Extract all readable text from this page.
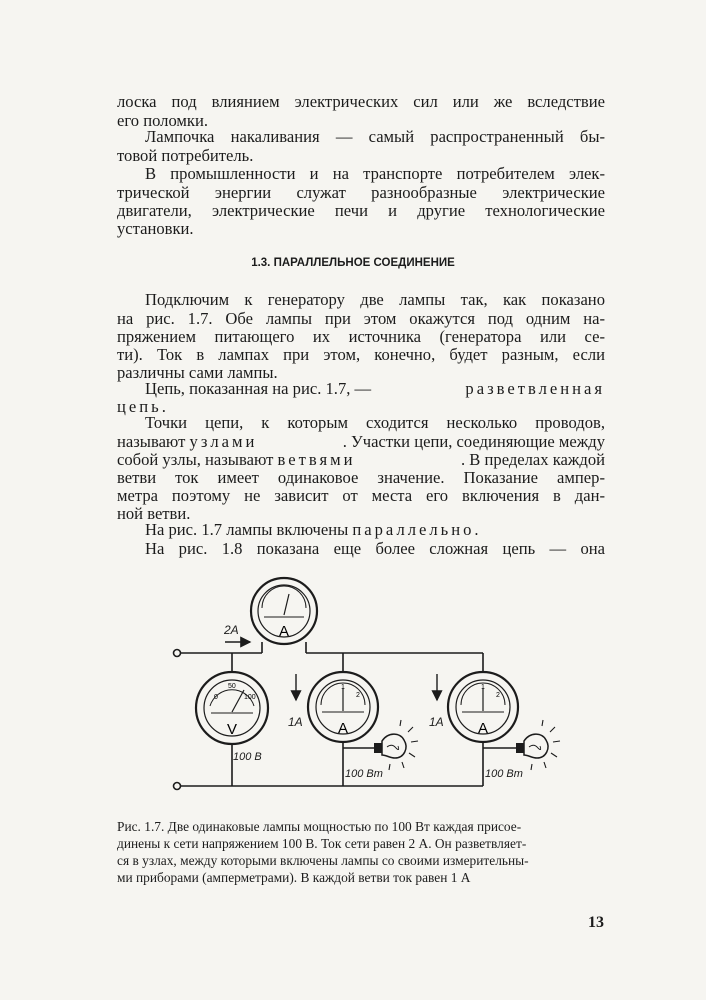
лоска под влиянием электрических сил или же вследствие
его поломки.
Лампочка накаливания — самый распространенный бы-
товой потребитель.
В промышленности и на транспорте потребителем элек-
трической энергии служат разнообразные электрические
двигатели, электрические печи и другие технологические
установки.
1.3. ПАРАЛЛЕЛЬНОЕ СОЕДИНЕНИЕ
Подключим к генератору две лампы так, как показано
на рис. 1.7. Обе лампы при этом окажутся под одним на-
пряжением питающего их источника (генератора или се-
ти). Ток в лампах при этом, конечно, будет разным, если
различны сами лампы.
Цепь, показанная на рис. 1.7, —	разветвленная
цепь.
Точки цепи, к которым сходится несколько проводов,
называют узлами	. Участки цепи, соединяющие между
собой узлы, называют ветвями	. В пределах каждой
ветви ток имеет одинаковое значение. Показание ампер-
метра поэтому не зависит от места его включения в дан-
ной ветви.
На рис. 1.7 лампы включены параллельно.
На рис. 1.8 показана еще более сложная цепь — она
A
0
50
100
V
1
2
A
1
2
A
2A
1A	1A
100 В
100 Вт	100 Вт
Рис. 1.7. Две одинаковые лампы мощностью по 100 Вт каждая присое-
динены к сети напряжением 100 В. Ток сети равен 2 А. Он разветвляет-
ся в узлах, между которыми включены лампы со своими измерительны-
ми приборами (амперметрами). В каждой ветви ток равен 1 А
13
